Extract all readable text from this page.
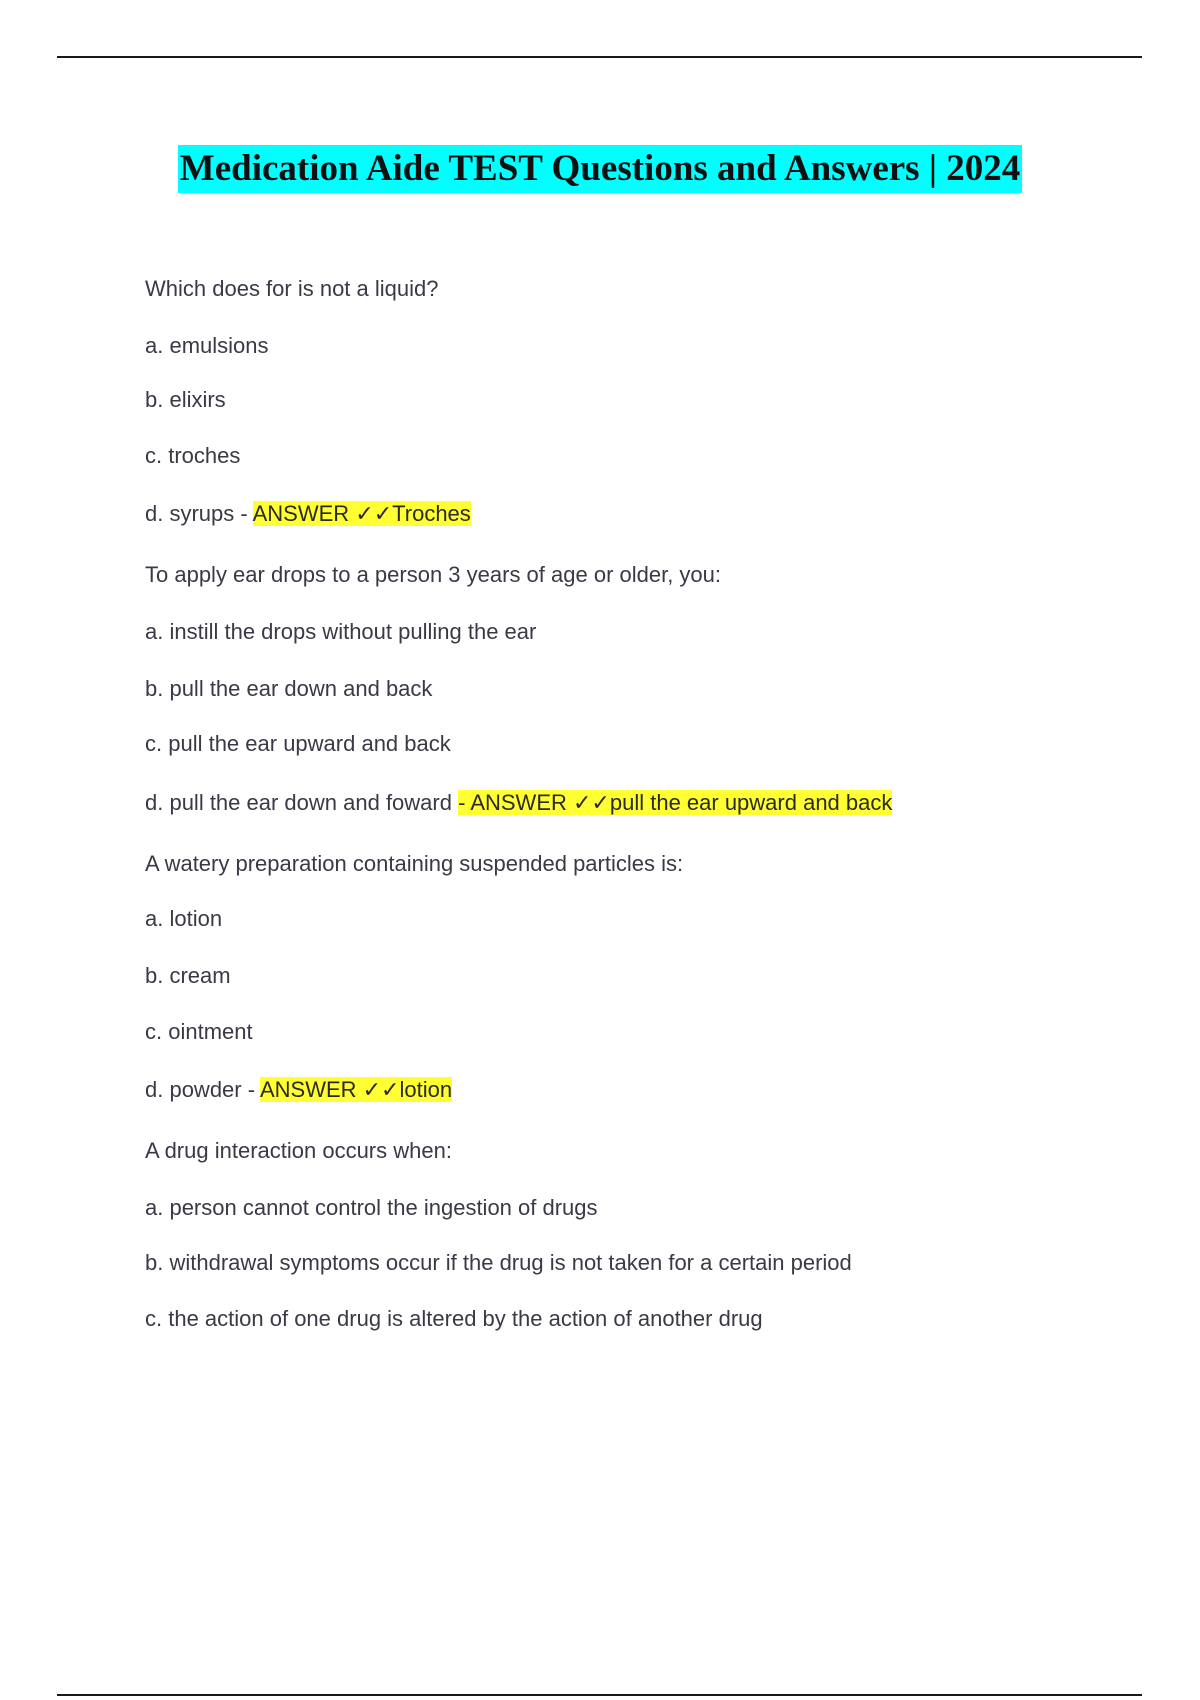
Medication Aide TEST Questions and Answers | 2024
Which does for is not a liquid?
a. emulsions
b. elixirs
c. troches
d. syrups - ANSWER ✓✓Troches
To apply ear drops to a person 3 years of age or older, you:
a. instill the drops without pulling the ear
b. pull the ear down and back
c. pull the ear upward and back
d. pull the ear down and foward - ANSWER ✓✓pull the ear upward and back
A watery preparation containing suspended particles is:
a. lotion
b. cream
c. ointment
d. powder - ANSWER ✓✓lotion
A drug interaction occurs when:
a. person cannot control the ingestion of drugs
b. withdrawal symptoms occur if the drug is not taken for a certain period
c. the action of one drug is altered by the action of another drug
